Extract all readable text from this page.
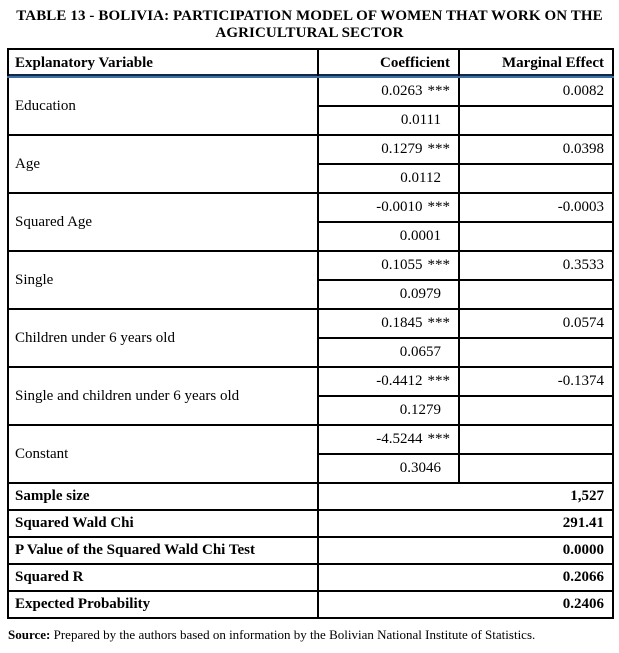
TABLE 13 - BOLIVIA: PARTICIPATION MODEL OF WOMEN THAT WORK ON THE
AGRICULTURAL SECTOR
Explanatory Variable	Coefficient	Marginal Effect
Education	0.0263 ***	0.0082
	0.0111	
Age	0.1279 ***	0.0398
	0.0112	
Squared Age	-0.0010 ***	-0.0003
	0.0001	
Single	0.1055 ***	0.3533
	0.0979	
Children under 6 years old	0.1845 ***	0.0574
	0.0657	
Single and children under 6 years old	-0.4412 ***	-0.1374
	0.1279	
Constant	-4.5244 ***	
	0.3046	
Sample size	1,527	
Squared Wald Chi	291.41	
P Value of the Squared Wald Chi Test	0.0000	
Squared R	0.2066	
Expected Probability	0.2406	
Source: Prepared by the authors based on information by the Bolivian National Institute of Statistics.
